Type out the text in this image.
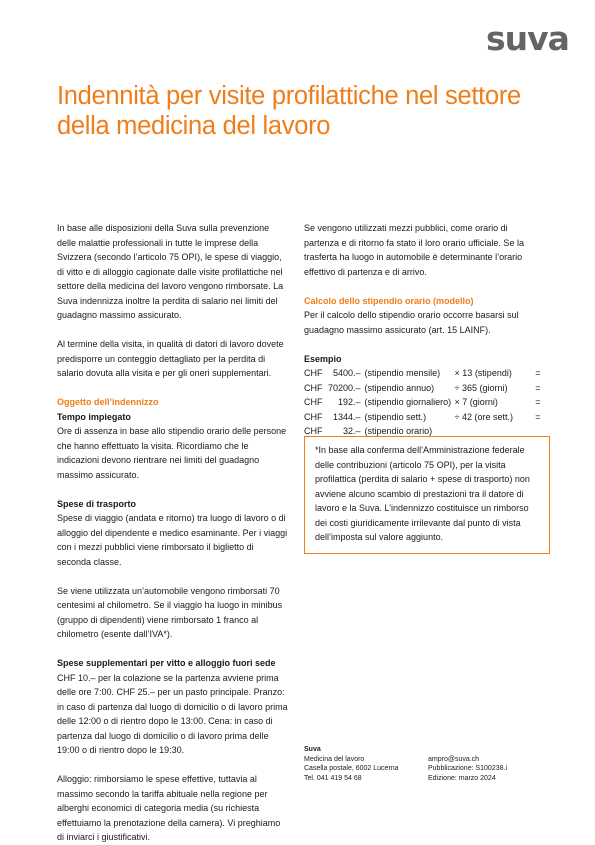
suva
Indennità per visite profilattiche nel settore della medicina del lavoro

In base alle disposizioni della Suva sulla prevenzione delle malattie professionali in tutte le imprese della Svizzera (secondo l’articolo 75 OPI), le spese di viaggio, di vitto e di alloggio cagionate dalle visite profilattiche nel settore della medicina del lavoro vengono rimborsate. La Suva indennizza inoltre la perdita di salario nei limiti del guadagno massimo assicurato.

Al termine della visita, in qualità di datori di lavoro dovete predisporre un conteggio dettagliato per la perdita di salario dovuta alla visita e per gli oneri supplementari.

Oggetto dell’indennizzo

Tempo impiegato

Ore di assenza in base allo stipendio orario delle persone che hanno effettuato la visita. Ricordiamo che le indicazioni devono rientrare nei limiti del guadagno massimo assicurato.

Spese di trasporto

Spese di viaggio (andata e ritorno) tra luogo di lavoro o di alloggio del dipendente e medico esaminante. Per i viaggi con i mezzi pubblici viene rimborsato il biglietto di seconda classe.

Se viene utilizzata un’automobile vengono rimborsati 70 centesimi al chilometro. Se il viaggio ha luogo in minibus (gruppo di dipendenti) viene rimborsato 1 franco al chilometro (esente dall’IVA*).

Spese supplementari per vitto e alloggio fuori sede

CHF 10.– per la colazione se la partenza avviene prima delle ore 7:00. CHF 25.– per un pasto principale. Pranzo: in caso di partenza dal luogo di domicilio o di lavoro prima delle 12:00 o di rientro dopo le 13:00. Cena: in caso di partenza dal luogo di domicilio o di lavoro prima delle 19:00 o di rientro dopo le 19:30.

Alloggio: rimborsiamo le spese effettive, tuttavia al massimo secondo la tariffa abituale nella regione per alberghi economici di categoria media (su richiesta effettuiamo la prenotazione della camera). Vi preghiamo di inviarci i giustificativi.

Se vengono utilizzati mezzi pubblici, come orario di partenza e di ritorno fa stato il loro orario ufficiale. Se la trasferta ha luogo in automobile è determinante l’orario effettivo di partenza e di arrivo.

Calcolo dello stipendio orario (modello)

Per il calcolo dello stipendio orario occorre basarsi sul guadagno massimo assicurato (art. 15 LAINF).

Esempio

CHF	5400.–	(stipendio mensile)	× 13 (stipendi)	=
CHF	70200.–	(stipendio annuo)	÷ 365 (giorni)	=
CHF	192.–	(stipendio giornaliero)	× 7 (giorni)	=
CHF	1344.–	(stipendio sett.)	÷ 42 (ore sett.)	=
CHF	32.–	(stipendio orario)		

*In base alla conferma dell’Amministrazione federale delle contribuzioni (articolo 75 OPI), per la visita profilattica (perdita di salario + spese di trasporto) non avviene alcuno scambio di prestazioni tra il datore di lavoro e la Suva. L’indennizzo costituisce un rimborso dei costi giuridicamente irrilevante dal punto di vista dell’imposta sul valore aggiunto.

Suva
Medicina del lavoro
Casella postale, 6002 Lucerna
Tel. 041 419 54 68
ampro@suva.ch
Pubblicazione: S100238.i
Edizione: marzo 2024
